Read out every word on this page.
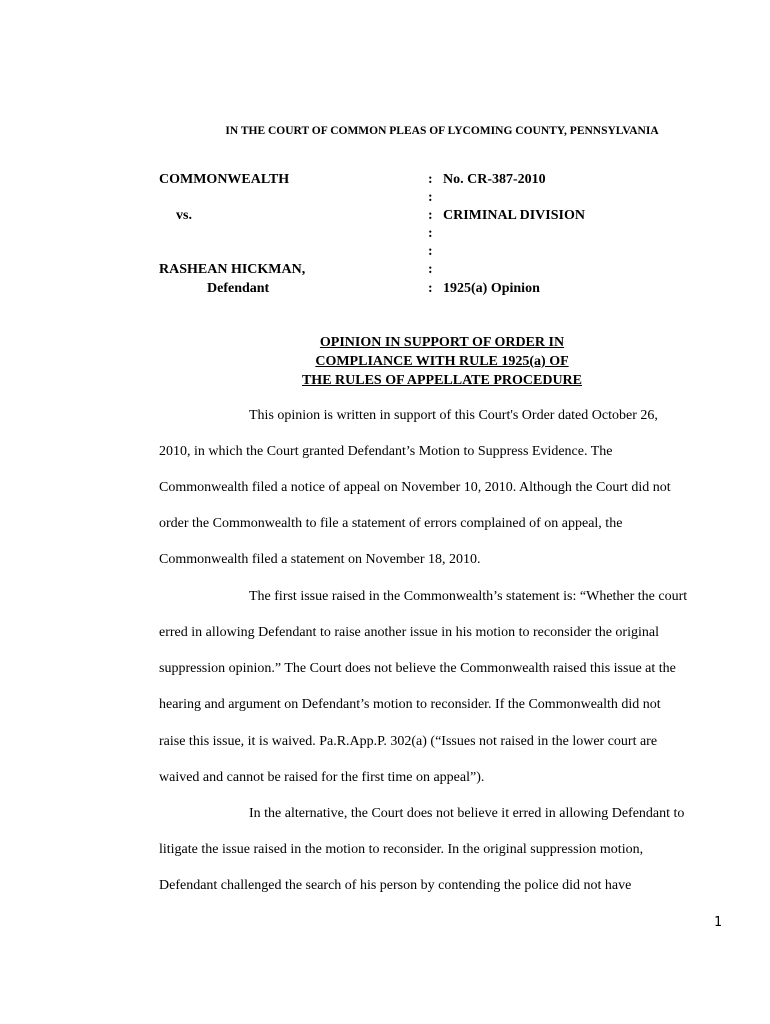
IN THE COURT OF COMMON PLEAS OF LYCOMING COUNTY, PENNSYLVANIA
COMMONWEALTH
vs.
RASHEAN HICKMAN,
Defendant
:
:
:
:
:
:
:
No. CR-387-2010
CRIMINAL DIVISION
1925(a) Opinion
OPINION IN SUPPORT OF ORDER IN
COMPLIANCE WITH RULE 1925(a) OF
THE RULES OF APPELLATE PROCEDURE
This opinion is written in support of this Court's Order dated October 26,
2010, in which the Court granted Defendant’s Motion to Suppress Evidence. The
Commonwealth filed a notice of appeal on November 10, 2010. Although the Court did not
order the Commonwealth to file a statement of errors complained of on appeal, the
Commonwealth filed a statement on November 18, 2010.
The first issue raised in the Commonwealth’s statement is: “Whether the court
erred in allowing Defendant to raise another issue in his motion to reconsider the original
suppression opinion.” The Court does not believe the Commonwealth raised this issue at the
hearing and argument on Defendant’s motion to reconsider. If the Commonwealth did not
raise this issue, it is waived. Pa.R.App.P. 302(a) (“Issues not raised in the lower court are
waived and cannot be raised for the first time on appeal”).
In the alternative, the Court does not believe it erred in allowing Defendant to
litigate the issue raised in the motion to reconsider. In the original suppression motion,
Defendant challenged the search of his person by contending the police did not have
1
